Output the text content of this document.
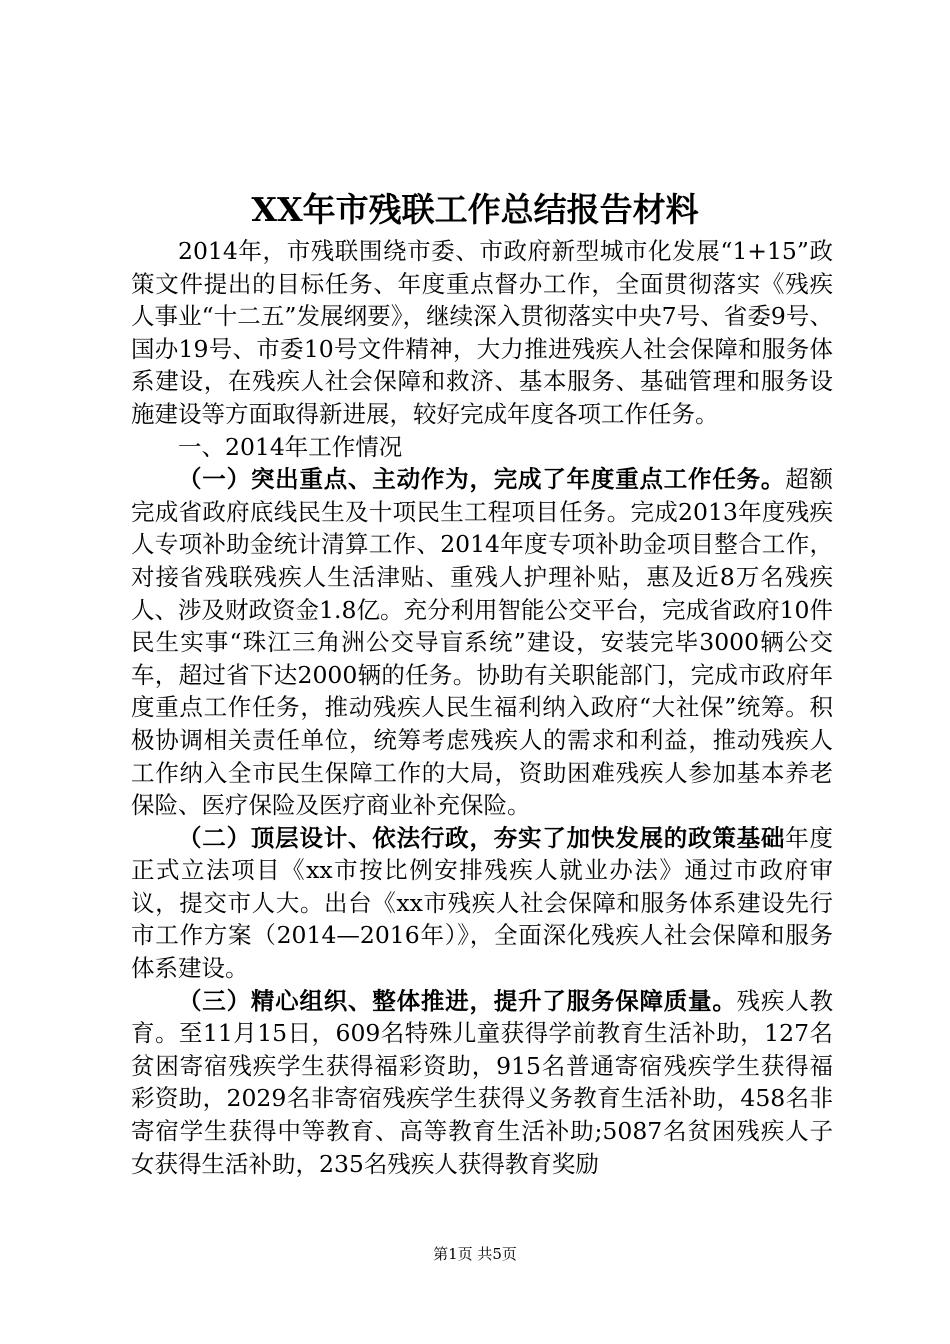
XX年市残联工作总结报告材料

2014年，市残联围绕市委、市政府新型城市化发展“1+15”政策文件提出的目标任务、年度重点督办工作，全面贯彻落实《残疾人事业“十二五”发展纲要》，继续深入贯彻落实中央7号、省委9号、国办19号、市委10号文件精神，大力推进残疾人社会保障和服务体系建设，在残疾人社会保障和救济、基本服务、基础管理和服务设施建设等方面取得新进展，较好完成年度各项工作任务。

一、2014年工作情况

（一）突出重点、主动作为，完成了年度重点工作任务。超额完成省政府底线民生及十项民生工程项目任务。完成2013年度残疾人专项补助金统计清算工作、2014年度专项补助金项目整合工作，对接省残联残疾人生活津贴、重残人护理补贴，惠及近8万名残疾人、涉及财政资金1.8亿。充分利用智能公交平台，完成省政府10件民生实事“珠江三角洲公交导盲系统”建设，安装完毕3000辆公交车，超过省下达2000辆的任务。协助有关职能部门，完成市政府年度重点工作任务，推动残疾人民生福利纳入政府“大社保”统筹。积极协调相关责任单位，统筹考虑残疾人的需求和利益，推动残疾人工作纳入全市民生保障工作的大局，资助困难残疾人参加基本养老保险、医疗保险及医疗商业补充保险。

（二）顶层设计、依法行政，夯实了加快发展的政策基础年度正式立法项目《xx市按比例安排残疾人就业办法》通过市政府审议，提交市人大。出台《xx市残疾人社会保障和服务体系建设先行市工作方案（2014—2016年）》，全面深化残疾人社会保障和服务体系建设。

（三）精心组织、整体推进，提升了服务保障质量。残疾人教育。至11月15日，609名特殊儿童获得学前教育生活补助，127名贫困寄宿残疾学生获得福彩资助，915名普通寄宿残疾学生获得福彩资助，2029名非寄宿残疾学生获得义务教育生活补助，458名非寄宿学生获得中等教育、高等教育生活补助;5087名贫困残疾人子女获得生活补助，235名残疾人获得教育奖励

第1页 共5页
